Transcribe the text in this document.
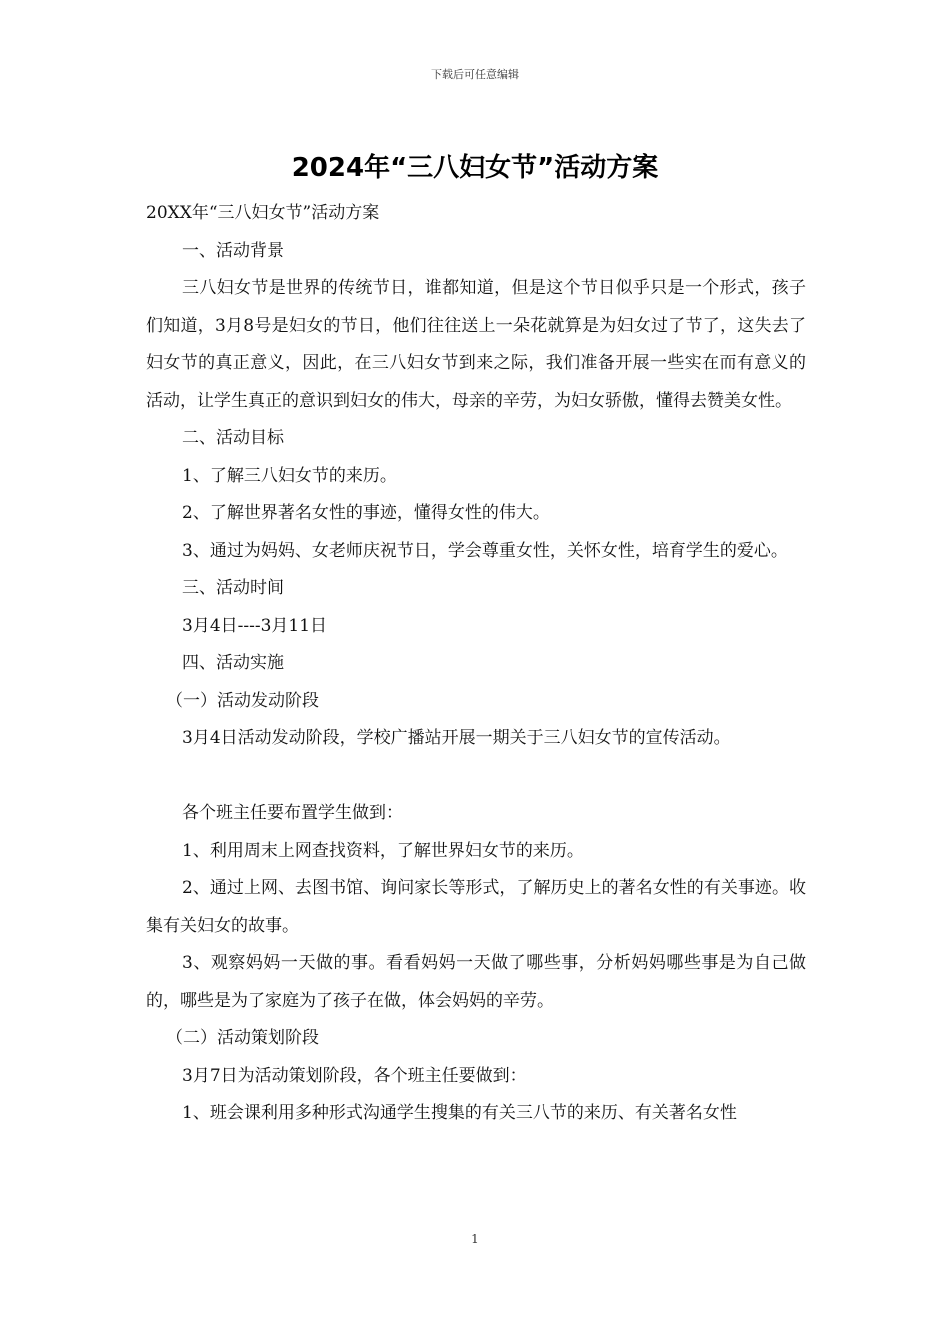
下载后可任意编辑
2024年“三八妇女节”活动方案

20XX年“三八妇女节”活动方案

一、活动背景

三八妇女节是世界的传统节日，谁都知道，但是这个节日似乎只是一个形式，孩子们知道，3月8号是妇女的节日，他们往往送上一朵花就算是为妇女过了节了，这失去了妇女节的真正意义，因此，在三八妇女节到来之际，我们准备开展一些实在而有意义的活动，让学生真正的意识到妇女的伟大，母亲的辛劳，为妇女骄傲，懂得去赞美女性。

二、活动目标

1、了解三八妇女节的来历。

2、了解世界著名女性的事迹，懂得女性的伟大。

3、通过为妈妈、女老师庆祝节日，学会尊重女性，关怀女性，培育学生的爱心。

三、活动时间

3月4日----3月11日

四、活动实施

（一）活动发动阶段

3月4日活动发动阶段，学校广播站开展一期关于三八妇女节的宣传活动。

各个班主任要布置学生做到：

1、利用周末上网查找资料，了解世界妇女节的来历。

2、通过上网、去图书馆、询问家长等形式，了解历史上的著名女性的有关事迹。收集有关妇女的故事。

3、观察妈妈一天做的事。看看妈妈一天做了哪些事，分析妈妈哪些事是为自己做的，哪些是为了家庭为了孩子在做，体会妈妈的辛劳。

（二）活动策划阶段

3月7日为活动策划阶段，各个班主任要做到：

1、班会课利用多种形式沟通学生搜集的有关三八节的来历、有关著名女性

1
